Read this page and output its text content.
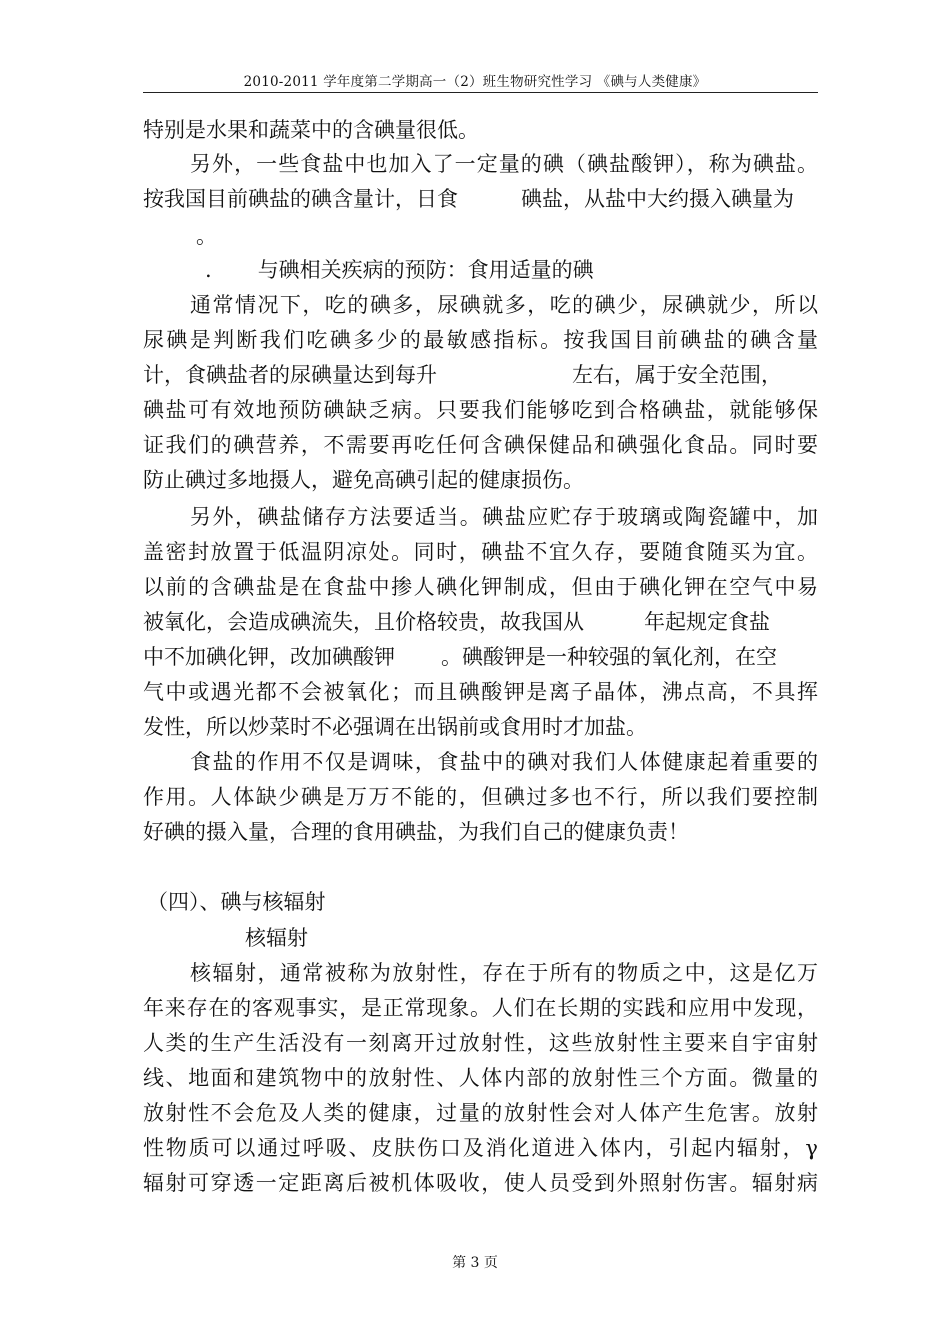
2010-2011 学年度第二学期高一（2）班生物研究性学习 《碘与人类健康》
特别是水果和蔬菜中的含碘量很低。
另外，一些食盐中也加入了一定量的碘（碘盐酸钾），称为碘盐。
按我国目前碘盐的碘含量计，日食	碘盐，从盐中大约摄入碘量为
。
. 与碘相关疾病的预防：食用适量的碘
通常情况下，吃的碘多，尿碘就多，吃的碘少，尿碘就少，所以
尿碘是判断我们吃碘多少的最敏感指标。按我国目前碘盐的碘含量
计，食碘盐者的尿碘量达到每升	左右，属于安全范围，
碘盐可有效地预防碘缺乏病。只要我们能够吃到合格碘盐，就能够保
证我们的碘营养，不需要再吃任何含碘保健品和碘强化食品。同时要
防止碘过多地摄人，避免高碘引起的健康损伤。
另外，碘盐储存方法要适当。碘盐应贮存于玻璃或陶瓷罐中，加
盖密封放置于低温阴凉处。同时，碘盐不宜久存，要随食随买为宜。
以前的含碘盐是在食盐中掺人碘化钾制成，但由于碘化钾在空气中易
被氧化，会造成碘流失，且价格较贵，故我国从	年起规定食盐
中不加碘化钾，改加碘酸钾 。碘酸钾是一种较强的氧化剂，在空
气中或遇光都不会被氧化；而且碘酸钾是离子晶体，沸点高，不具挥
发性，所以炒菜时不必强调在出锅前或食用时才加盐。
食盐的作用不仅是调味，食盐中的碘对我们人体健康起着重要的
作用。人体缺少碘是万万不能的，但碘过多也不行，所以我们要控制
好碘的摄入量，合理的食用碘盐，为我们自己的健康负责！
（四）、碘与核辐射
核辐射
核辐射，通常被称为放射性，存在于所有的物质之中，这是亿万
年来存在的客观事实，是正常现象。人们在长期的实践和应用中发现，
人类的生产生活没有一刻离开过放射性，这些放射性主要来自宇宙射
线、地面和建筑物中的放射性、人体内部的放射性三个方面。微量的
放射性不会危及人类的健康，过量的放射性会对人体产生危害。放射
性物质可以通过呼吸、皮肤伤口及消化道进入体内，引起内辐射，γ
辐射可穿透一定距离后被机体吸收，使人员受到外照射伤害。辐射病
第 3 页
